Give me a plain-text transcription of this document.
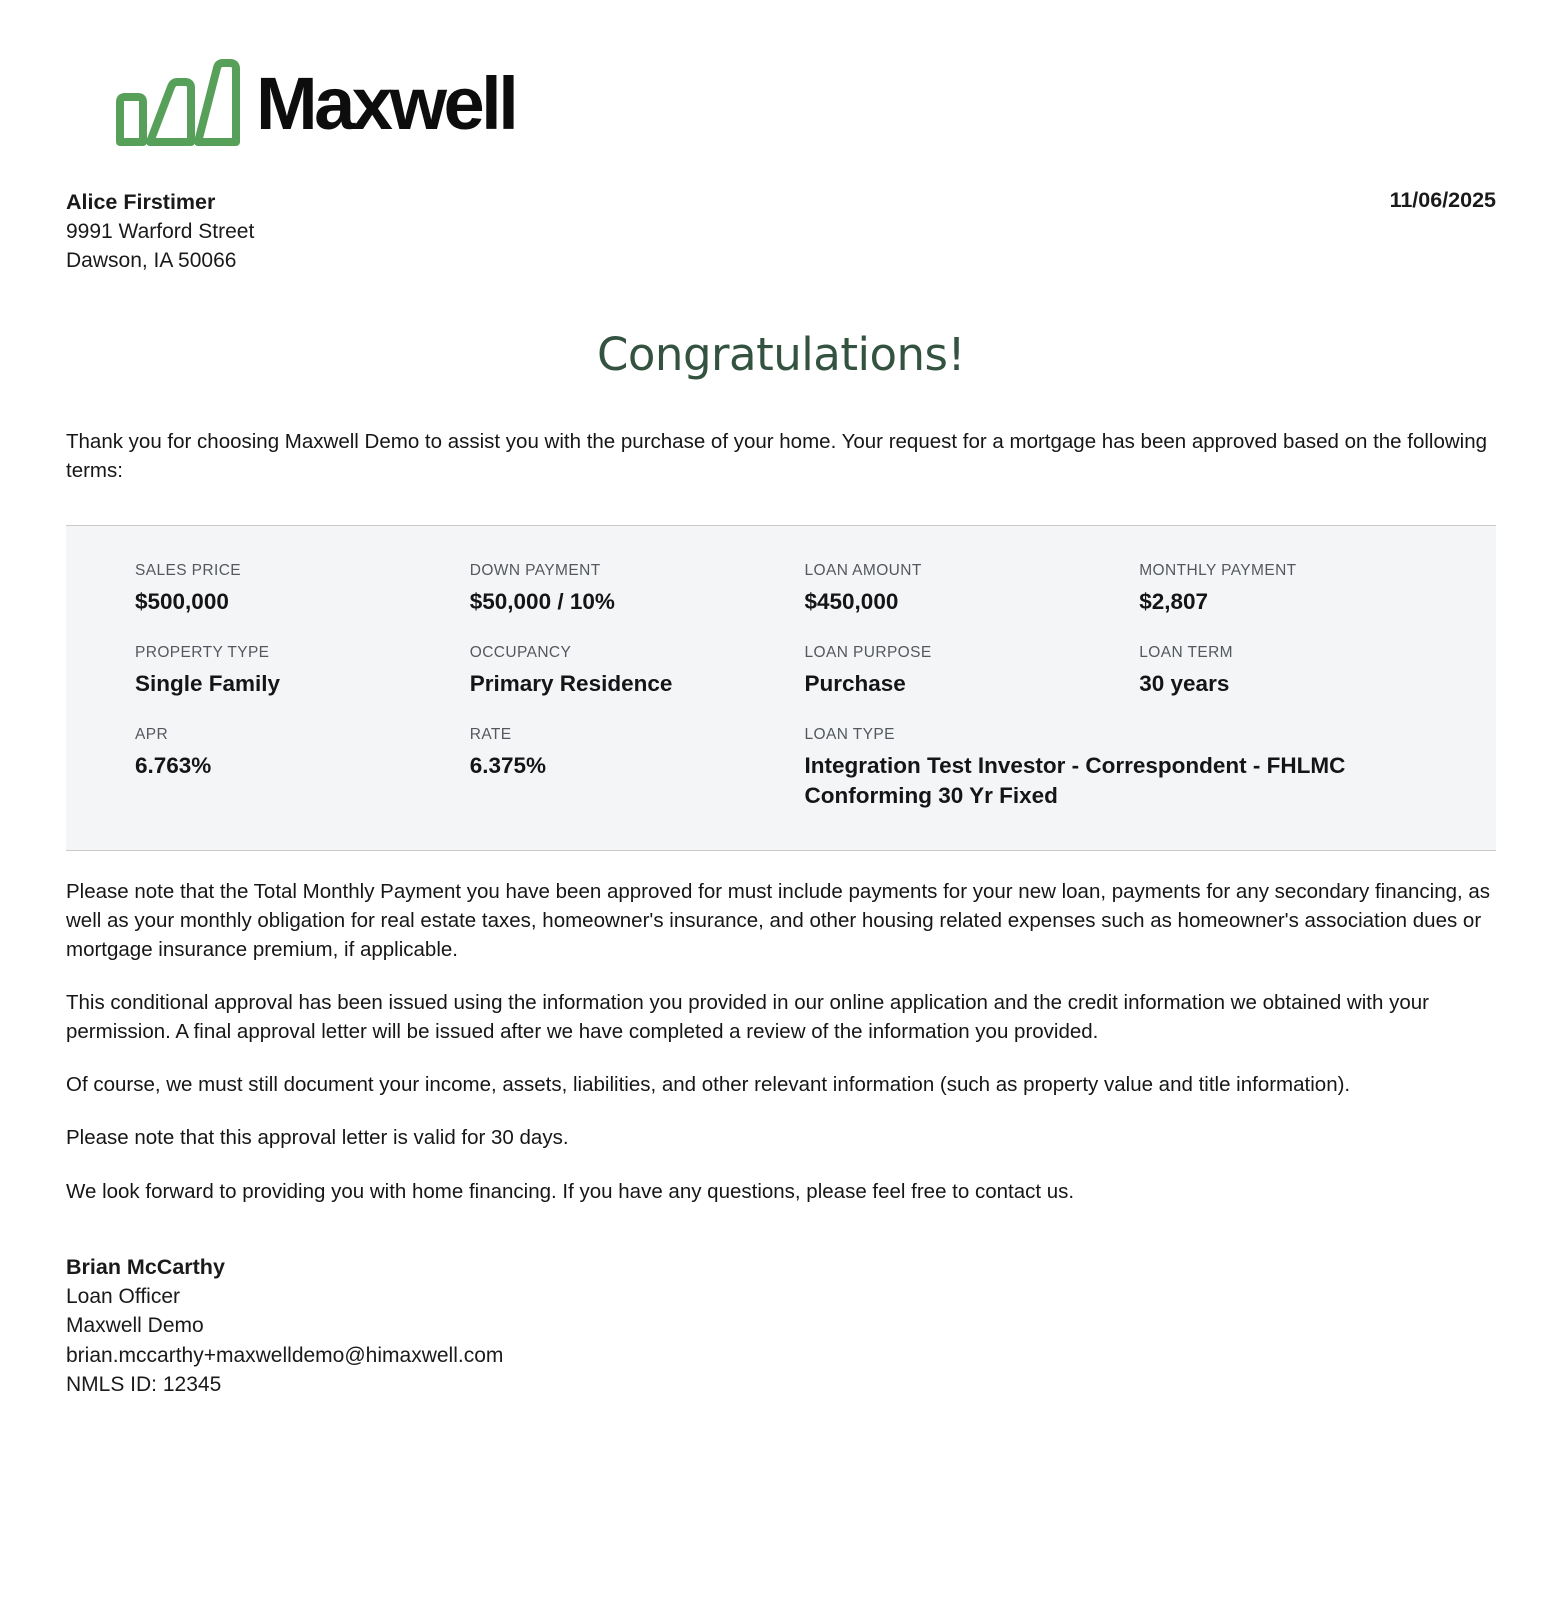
Maxwell
Alice Firstimer
9991 Warford Street
Dawson, IA 50066
11/06/2025
Congratulations!
Thank you for choosing Maxwell Demo to assist you with the purchase of your home. Your request for a mortgage has been approved based on the following terms:
SALES PRICE
$500,000
DOWN PAYMENT
$50,000 / 10%
LOAN AMOUNT
$450,000
MONTHLY PAYMENT
$2,807
PROPERTY TYPE
Single Family
OCCUPANCY
Primary Residence
LOAN PURPOSE
Purchase
LOAN TERM
30 years
APR
6.763%
RATE
6.375%
LOAN TYPE
Integration Test Investor - Correspondent - FHLMC Conforming 30 Yr Fixed
Please note that the Total Monthly Payment you have been approved for must include payments for your new loan, payments for any secondary financing, as well as your monthly obligation for real estate taxes, homeowner's insurance, and other housing related expenses such as homeowner's association dues or mortgage insurance premium, if applicable.
This conditional approval has been issued using the information you provided in our online application and the credit information we obtained with your permission. A final approval letter will be issued after we have completed a review of the information you provided.
Of course, we must still document your income, assets, liabilities, and other relevant information (such as property value and title information).
Please note that this approval letter is valid for 30 days.
We look forward to providing you with home financing. If you have any questions, please feel free to contact us.
Brian McCarthy
Loan Officer
Maxwell Demo
brian.mccarthy+maxwelldemo@himaxwell.com
NMLS ID: 12345
